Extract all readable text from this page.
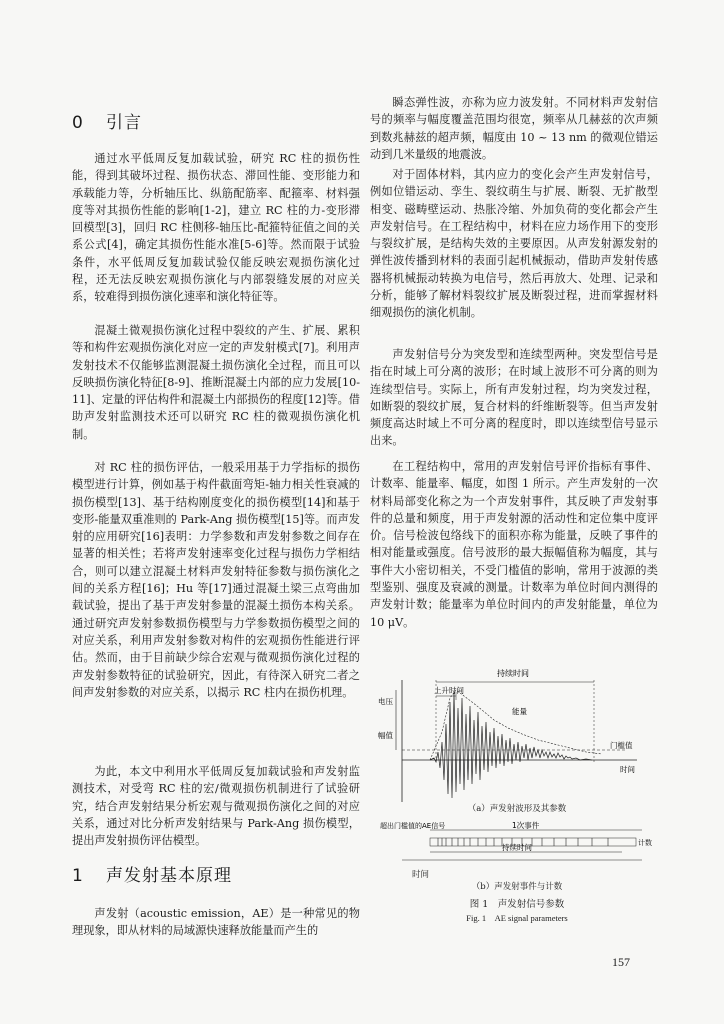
0 引言

通过水平低周反复加载试验，研究 RC 柱的损伤性能，得到其破坏过程、损伤状态、滞回性能、变形能力和承载能力等，分析轴压比、纵筋配筋率、配箍率、材料强度等对其损伤性能的影响[1-2]，建立 RC 柱的力-变形滞回模型[3]，回归 RC 柱侧移-轴压比-配箍特征值之间的关系公式[4]，确定其损伤性能水准[5-6]等。然而限于试验条件，水平低周反复加载试验仅能反映宏观损伤演化过程，还无法反映宏观损伤演化与内部裂缝发展的对应关系，较难得到损伤演化速率和演化特征等。

混凝土微观损伤演化过程中裂纹的产生、扩展、累积等和构件宏观损伤演化对应一定的声发射模式[7]。利用声发射技术不仅能够监测混凝土损伤演化全过程，而且可以反映损伤演化特征[8-9]、推断混凝土内部的应力发展[10-11]、定量的评估构件和混凝土内部损伤的程度[12]等。借助声发射监测技术还可以研究 RC 柱的微观损伤演化机制。

对 RC 柱的损伤评估，一般采用基于力学指标的损伤模型进行计算，例如基于构件截面弯矩-轴力相关性衰减的损伤模型[13]、基于结构刚度变化的损伤模型[14]和基于变形-能量双重准则的 Park-Ang 损伤模型[15]等。而声发射的应用研究[16]表明：力学参数和声发射参数之间存在显著的相关性；若将声发射速率变化过程与损伤力学相结合，则可以建立混凝土材料声发射特征参数与损伤演化之间的关系方程[16]；Hu 等[17]通过混凝土梁三点弯曲加载试验，提出了基于声发射参量的混凝土损伤本构关系。通过研究声发射参数损伤模型与力学参数损伤模型之间的对应关系，利用声发射参数对构件的宏观损伤性能进行评估。然而，由于目前缺少综合宏观与微观损伤演化过程的声发射参数特征的试验研究，因此，有待深入研究二者之间声发射参数的对应关系，以揭示 RC 柱内在损伤机理。

为此，本文中利用水平低周反复加载试验和声发射监测技术，对受弯 RC 柱的宏/微观损伤机制进行了试验研究，结合声发射结果分析宏观与微观损伤演化之间的对应关系，通过对比分析声发射结果与 Park-Ang 损伤模型，提出声发射损伤评估模型。

1 声发射基本原理

声发射（acoustic emission，AE）是一种常见的物理现象，即从材料的局域源快速释放能量而产生的

瞬态弹性波，亦称为应力波发射。不同材料声发射信号的频率与幅度覆盖范围均很宽，频率从几赫兹的次声频到数兆赫兹的超声频，幅度由 10 ~ 13 nm 的微观位错运动到几米量级的地震波。

对于固体材料，其内应力的变化会产生声发射信号，例如位错运动、孪生、裂纹萌生与扩展、断裂、无扩散型相变、磁畴壁运动、热胀冷缩、外加负荷的变化都会产生声发射信号。在工程结构中，材料在应力场作用下的变形与裂纹扩展，是结构失效的主要原因。从声发射源发射的弹性波传播到材料的表面引起机械振动，借助声发射传感器将机械振动转换为电信号，然后再放大、处理、记录和分析，能够了解材料裂纹扩展及断裂过程，进而掌握材料细观损伤的演化机制。

声发射信号分为突发型和连续型两种。突发型信号是指在时域上可分离的波形；在时域上波形不可分离的则为连续型信号。实际上，所有声发射过程，均为突发过程，如断裂的裂纹扩展，复合材料的纤维断裂等。但当声发射频度高达时域上不可分离的程度时，即以连续型信号显示出来。

在工程结构中，常用的声发射信号评价指标有事件、计数率、能量率、幅度，如图 1 所示。产生声发射的一次材料局部变化称之为一个声发射事件，其反映了声发射事件的总量和频度，用于声发射源的活动性和定位集中度评价。信号检波包络线下的面积亦称为能量，反映了事件的相对能量或强度。信号波形的最大振幅值称为幅度，其与事件大小密切相关，不受门槛值的影响，常用于波源的类型鉴别、强度及衰减的测量。计数率为单位时间内测得的声发射计数；能量率为单位时间内的声发射能量，单位为 10 μV。

持续时间
上升时间
电压
幅值
能量
门槛值
时间
超出门槛值的AE信号	1次事件
计数
持续时间
（a）声发射波形及其参数
时间
（b）声发射事件与计数
图 1　声发射信号参数
Fig. 1　AE signal parameters
157
